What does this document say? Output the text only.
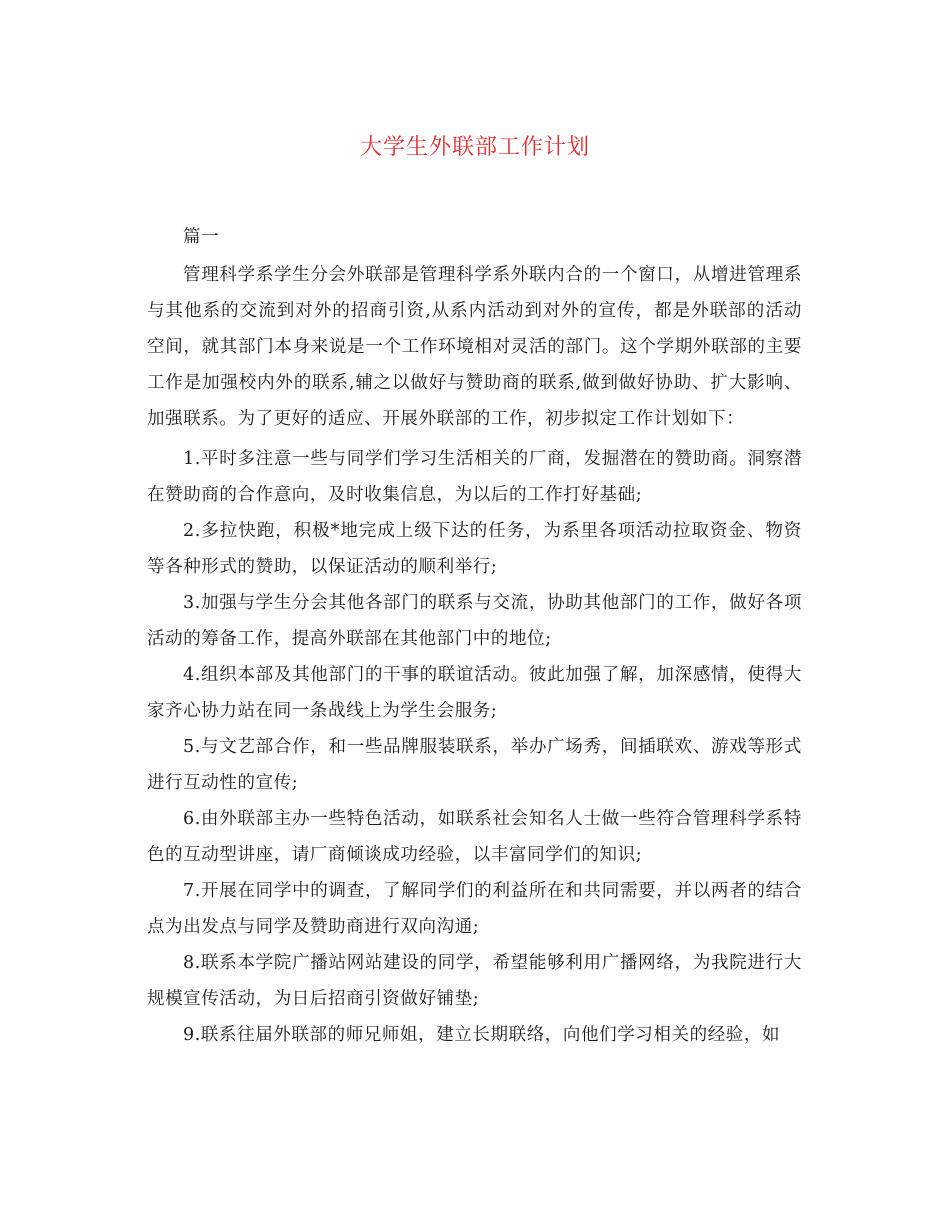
大学生外联部工作计划

篇一

管理科学系学生分会外联部是管理科学系外联内合的一个窗口，从增进管理系与其他系的交流到对外的招商引资,从系内活动到对外的宣传，都是外联部的活动空间，就其部门本身来说是一个工作环境相对灵活的部门。这个学期外联部的主要工作是加强校内外的联系,辅之以做好与赞助商的联系,做到做好协助、扩大影响、加强联系。为了更好的适应、开展外联部的工作，初步拟定工作计划如下：

1.平时多注意一些与同学们学习生活相关的厂商，发掘潜在的赞助商。洞察潜在赞助商的合作意向，及时收集信息，为以后的工作打好基础;
2.多拉快跑，积极*地完成上级下达的任务，为系里各项活动拉取资金、物资等各种形式的赞助，以保证活动的顺利举行;
3.加强与学生分会其他各部门的联系与交流，协助其他部门的工作，做好各项活动的筹备工作，提高外联部在其他部门中的地位;
4.组织本部及其他部门的干事的联谊活动。彼此加强了解，加深感情，使得大家齐心协力站在同一条战线上为学生会服务;
5.与文艺部合作，和一些品牌服装联系，举办广场秀，间插联欢、游戏等形式进行互动性的宣传;
6.由外联部主办一些特色活动，如联系社会知名人士做一些符合管理科学系特色的互动型讲座，请厂商倾谈成功经验，以丰富同学们的知识;
7.开展在同学中的调查，了解同学们的利益所在和共同需要，并以两者的结合点为出发点与同学及赞助商进行双向沟通;
8.联系本学院广播站网站建设的同学，希望能够利用广播网络，为我院进行大规模宣传活动，为日后招商引资做好铺垫;
9.联系往届外联部的师兄师姐，建立长期联络，向他们学习相关的经验，如
